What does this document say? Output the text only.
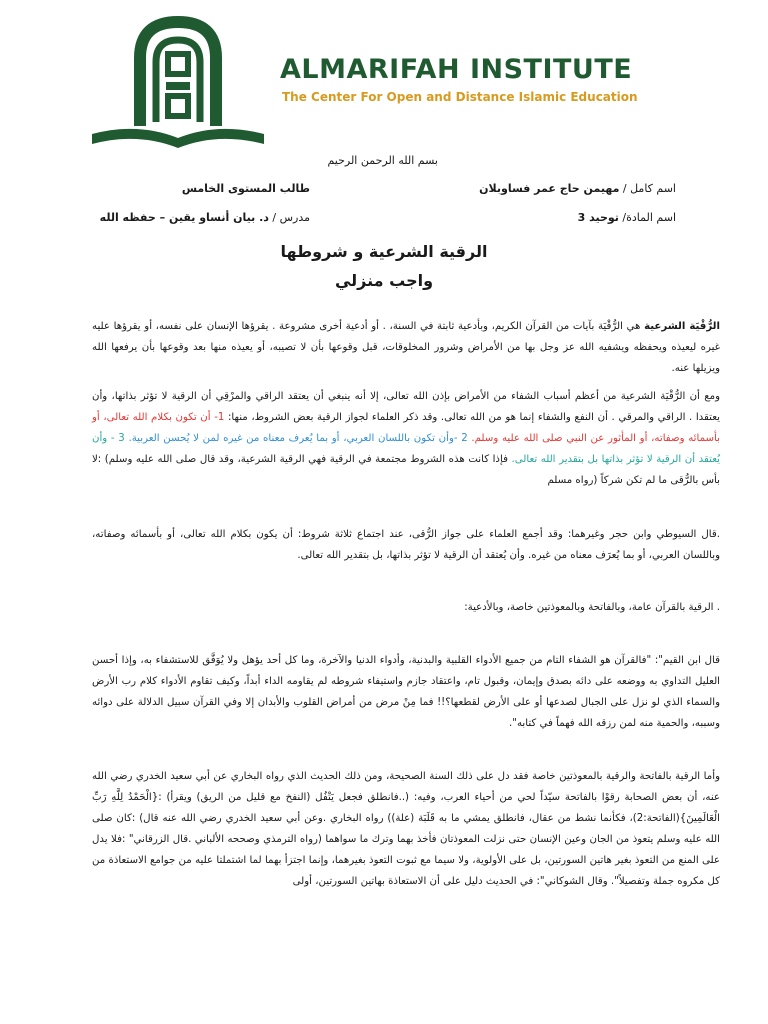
ALMARIFAH INSTITUTE
The Center For Open and Distance Islamic Education
بسم الله الرحمن الرحيم
اسم كامل / مهيمن حاج عمر فساوبلان
طالب المستوى الخامس
اسم المادة/ توحيد 3
مدرس / د. بيان أنساو يقين – حفظه الله
الرقية الشرعية و شروطها
واجب منزلي
الرُّقْيَة الشرعية هي الرُّقْيَة بآيات من القرآن الكريم، وبأدعية ثابتة في السنة، . أو أدعية أخرى مشروعة . يقرؤها الإنسان على نفسه، أو يقرؤها عليه غيره ليعيذه ويحفظه ويشفيه الله عز وجل بها من الأمراض وشرور المخلوقات، قبل وقوعها بأن لا تصيبه، أو يعيذه منها بعد وقوعها بأن يرفعها الله ويزيلها عنه.
ومع أن الرُّقْيَة الشرعية من أعظم أسباب الشفاء من الأمراض بإذن الله تعالى، إلا أنه ينبغي أن يعتقد الراقي والمرْقِي أن الرقية لا تؤثر بذاتها، وأن يعتقدا . الراقي والمرقي . أن النفع والشفاء إنما هو من الله تعالى. وقد ذكر العلماء لجواز الرقية بعض الشروط، منها: 1- أن تكون بكلام الله تعالى، أو بأسمائه وصفاته، أو المأثور عن النبي صلى الله عليه وسلم. 2 -وأن تكون باللسان العربي، أو بما يُعرف معناه من غيره لمن لا يُحسن العربية. 3 - وأن يُعتقد أن الرقية لا تؤثر بذاتها بل بتقدير الله تعالى. فإذا كانت هذه الشروط مجتمعة في الرقية فهي الرقية الشرعية، وقد قال صلى الله عليه وسلم) :لا بأس بالرُّقى ما لم تكن شركاً (رواه مسلم
.قال السيوطي وابن حجر وغيرهما: وقد أجمع العلماء على جواز الرُّقى، عند اجتماع ثلاثة شروط: أن يكون بكلام الله تعالى، أو بأسمائه وصفاته، وباللسان العربي، أو بما يُعرَف معناه من غيره. وأن يُعتقد أن الرقية لا تؤثر بذاتها، بل بتقدير الله تعالى.
. الرقية بالقرآن عامة، وبالفاتحة وبالمعوذتين خاصة، وبالأدعية:
قال ابن القيم": "فالقرآن هو الشفاء التام من جميع الأدواء القلبية والبدنية، وأدواء الدنيا والآخرة، وما كل أحد يؤهل ولا يُوَفَّق للاستشفاء به، وإذا أحسن العليل التداوي به ووضعه على دائه بصدق وإيمان، وقبول تام، واعتقاد جازم واستيفاء شروطه لم يقاومه الداء أبداً، وكيف تقاوم الأدواء كلام رب الأرض والسماء الذي لو نزل على الجبال لصدعها أو على الأرض لقطعها؟!! فما مِنْ مرض من أمراض القلوب والأبدان إلا وفي القرآن سبيل الدلالة على دوائه وسببه، والحمية منه لمن رزقه الله فهماً في كتابه".
وأما الرقية بالفاتحة والرقية بالمعوذتين خاصة فقد دل على ذلك السنة الصحيحة، ومن ذلك الحديث الذي رواه البخاري عن أبي سعيد الخدري رضي الله عنه، أن بعض الصحابة رقوْا بالفاتحة سيّداً لحي من أحياء العرب، وفيه: (..فانطلق فجعل يَتْفُل (النفخ مع قليل من الريق) ويقرأ) :{الْحَمْدُ لِلَّهِ رَبِّ الْعَالَمِينَ}(الفاتحة:2)، فكأنما نشط من عقال، فانطلق يمشي ما به قَلَبَة (علة)) رواه البخاري .وعن أبي سعيد الخدري رضي الله عنه قال) :كان صلى الله عليه وسلم يتعوذ من الجان وعين الإنسان حتى نزلت المعوذتان فأخذ بهما وترك ما سواهما (رواه الترمذي وصححه الألباني .قال الزرقاني" :فلا يدل على المنع من التعوذ بغير هاتين السورتين، بل على الأولوية، ولا سيما مع ثبوت التعوذ بغيرهما، وإنما اجتزأ بهما لما اشتملتا عليه من جوامع الاستعاذة من كل مكروه جملة وتفصيلاً". وقال الشوكاني": في الحديث دليل على أن الاستعاذة بهاتين السورتين، أولى
